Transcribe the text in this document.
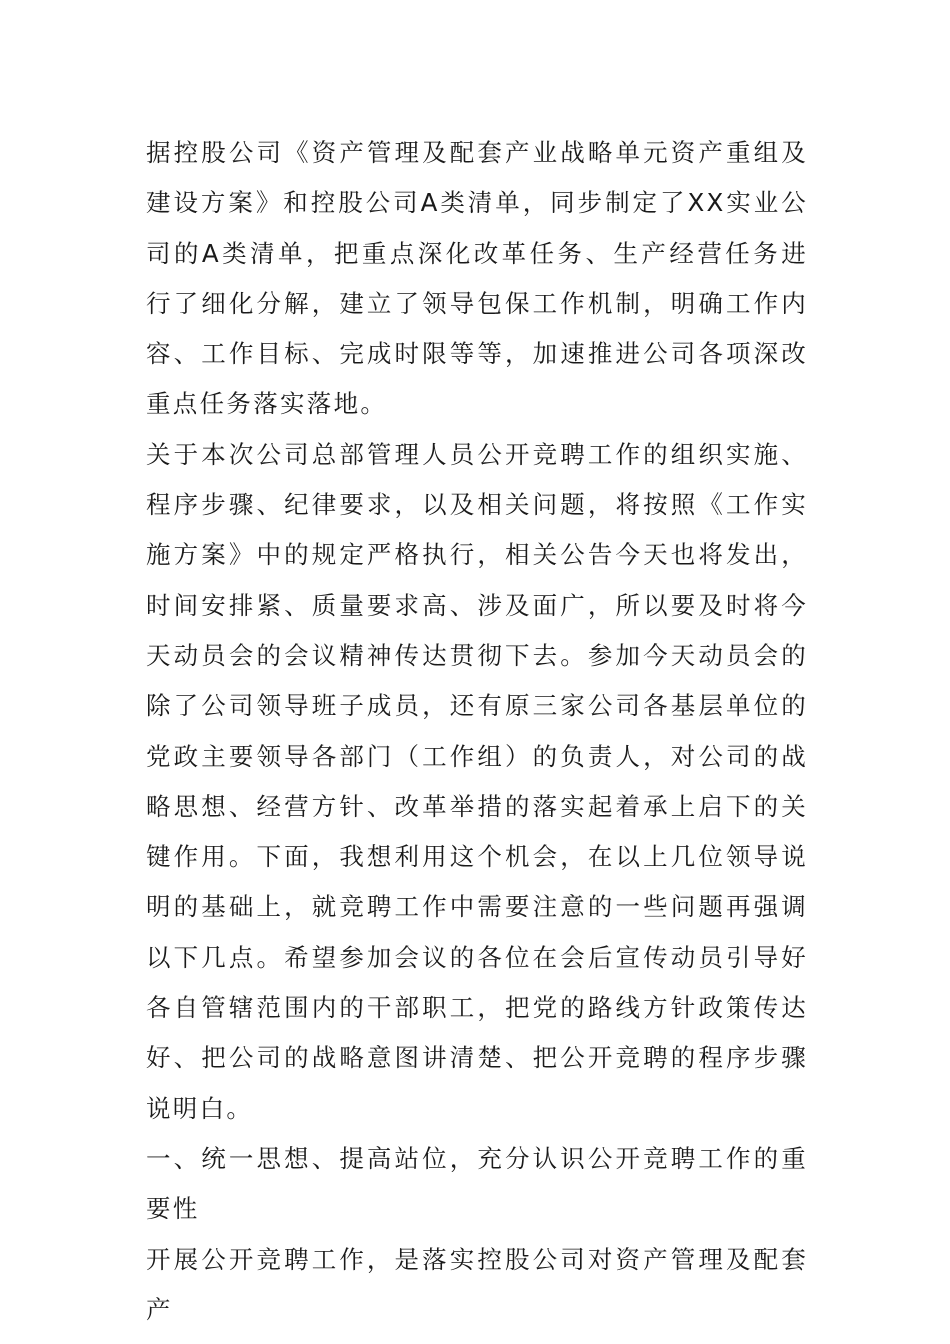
据控股公司《资产管理及配套产业战略单元资产重组及建设方案》和控股公司A类清单，同步制定了XX实业公司的A类清单，把重点深化改革任务、生产经营任务进行了细化分解，建立了领导包保工作机制，明确工作内容、工作目标、完成时限等等，加速推进公司各项深改重点任务落实落地。

关于本次公司总部管理人员公开竞聘工作的组织实施、程序步骤、纪律要求，以及相关问题，将按照《工作实施方案》中的规定严格执行，相关公告今天也将发出，时间安排紧、质量要求高、涉及面广，所以要及时将今天动员会的会议精神传达贯彻下去。参加今天动员会的除了公司领导班子成员，还有原三家公司各基层单位的党政主要领导各部门（工作组）的负责人，对公司的战略思想、经营方针、改革举措的落实起着承上启下的关键作用。下面，我想利用这个机会，在以上几位领导说明的基础上，就竞聘工作中需要注意的一些问题再强调以下几点。希望参加会议的各位在会后宣传动员引导好各自管辖范围内的干部职工，把党的路线方针政策传达好、把公司的战略意图讲清楚、把公开竞聘的程序步骤说明白。

一、统一思想、提高站位，充分认识公开竞聘工作的重要性

开展公开竞聘工作，是落实控股公司对资产管理及配套产
